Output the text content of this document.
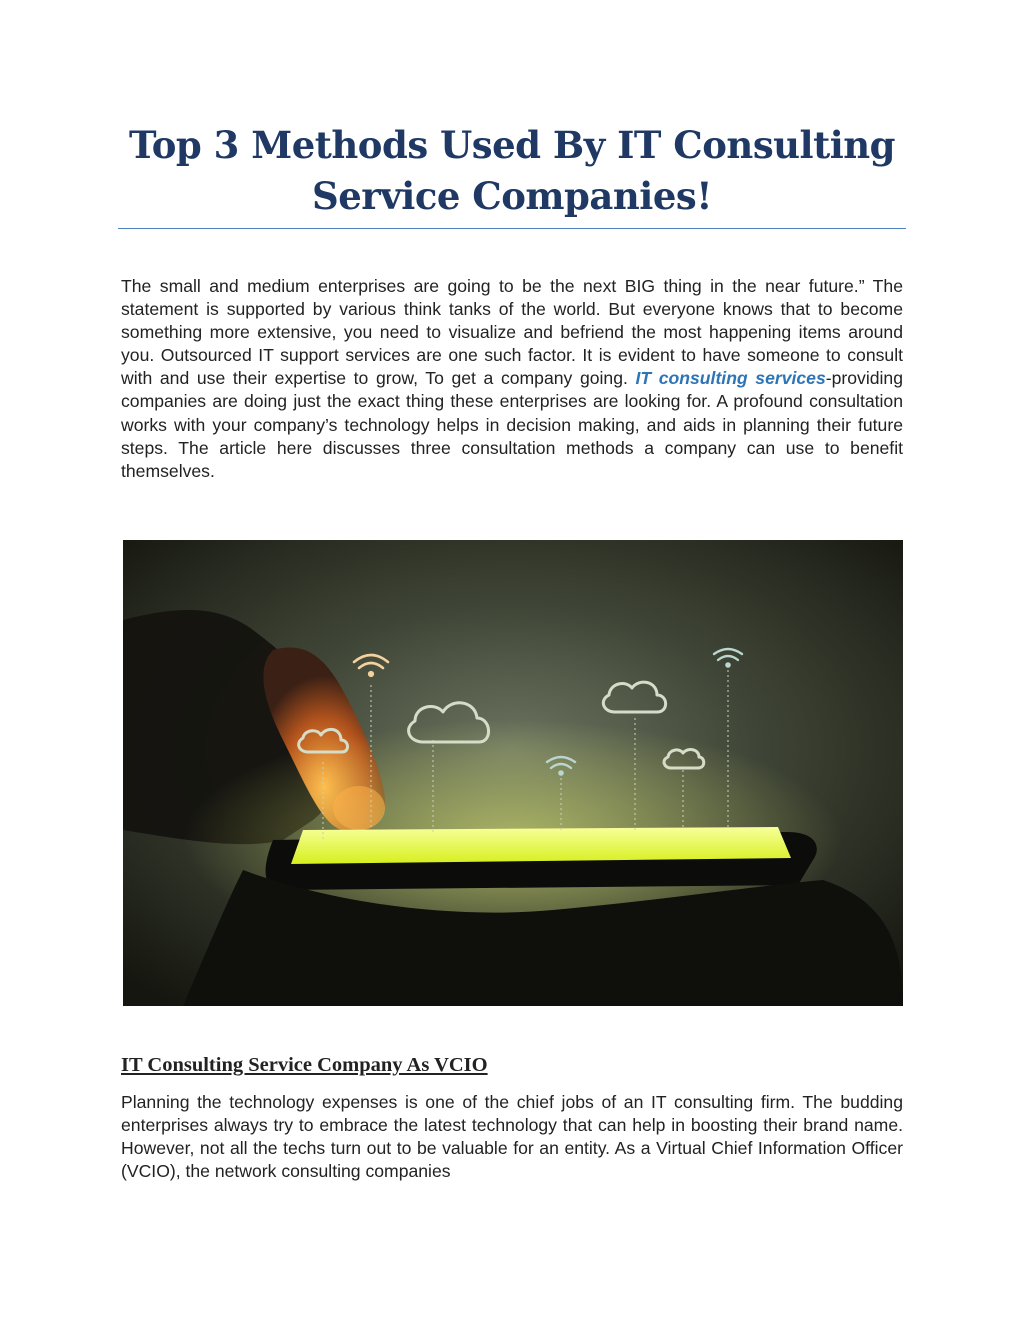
Top 3 Methods Used By IT Consulting Service Companies!

The small and medium enterprises are going to be the next BIG thing in the near future.” The statement is supported by various think tanks of the world. But everyone knows that to become something more extensive, you need to visualize and befriend the most happening items around you. Outsourced IT support services are one such factor. It is evident to have someone to consult with and use their expertise to grow, To get a company going. IT consulting services-providing companies are doing just the exact thing these enterprises are looking for. A profound consultation works with your company’s technology helps in decision making, and aids in planning their future steps. The article here discusses three consultation methods a company can use to benefit themselves.

IT Consulting Service Company As VCIO

Planning the technology expenses is one of the chief jobs of an IT consulting firm. The budding enterprises always try to embrace the latest technology that can help in boosting their brand name. However, not all the techs turn out to be valuable for an entity. As a Virtual Chief Information Officer (VCIO), the network consulting companies
